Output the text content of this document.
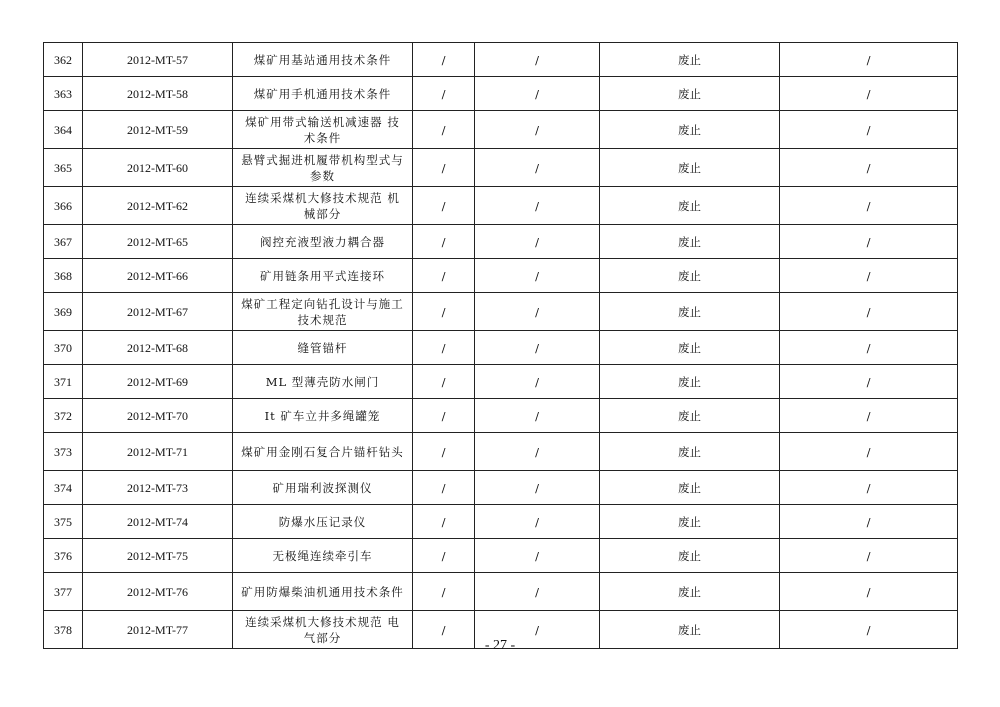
362	2012-MT-57	煤矿用基站通用技术条件	/	/	废止	/
363	2012-MT-58	煤矿用手机通用技术条件	/	/	废止	/
364	2012-MT-59	煤矿用带式输送机减速器 技术条件	/	/	废止	/
365	2012-MT-60	悬臂式掘进机履带机构型式与参数	/	/	废止	/
366	2012-MT-62	连续采煤机大修技术规范 机械部分	/	/	废止	/
367	2012-MT-65	阀控充液型液力耦合器	/	/	废止	/
368	2012-MT-66	矿用链条用平式连接环	/	/	废止	/
369	2012-MT-67	煤矿工程定向钻孔设计与施工技术规范	/	/	废止	/
370	2012-MT-68	缝管锚杆	/	/	废止	/
371	2012-MT-69	ML 型薄壳防水闸门	/	/	废止	/
372	2012-MT-70	It 矿车立井多绳罐笼	/	/	废止	/
373	2012-MT-71	煤矿用金刚石复合片锚杆钻头	/	/	废止	/
374	2012-MT-73	矿用瑞利波探测仪	/	/	废止	/
375	2012-MT-74	防爆水压记录仪	/	/	废止	/
376	2012-MT-75	无极绳连续牵引车	/	/	废止	/
377	2012-MT-76	矿用防爆柴油机通用技术条件	/	/	废止	/
378	2012-MT-77	连续采煤机大修技术规范 电气部分	/	/	废止	/
- 27 -
